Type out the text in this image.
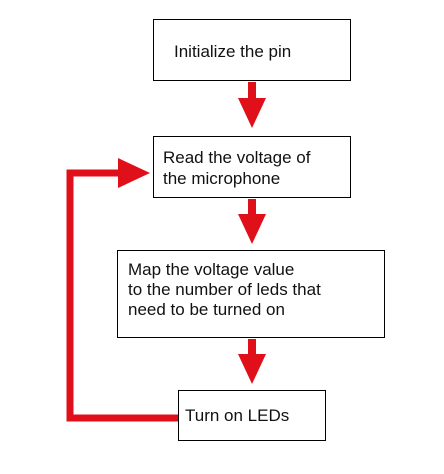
Initialize the pin
Read the voltage of
the microphone
Map the voltage value
to the number of leds that
need to be turned on
Turn on LEDs
